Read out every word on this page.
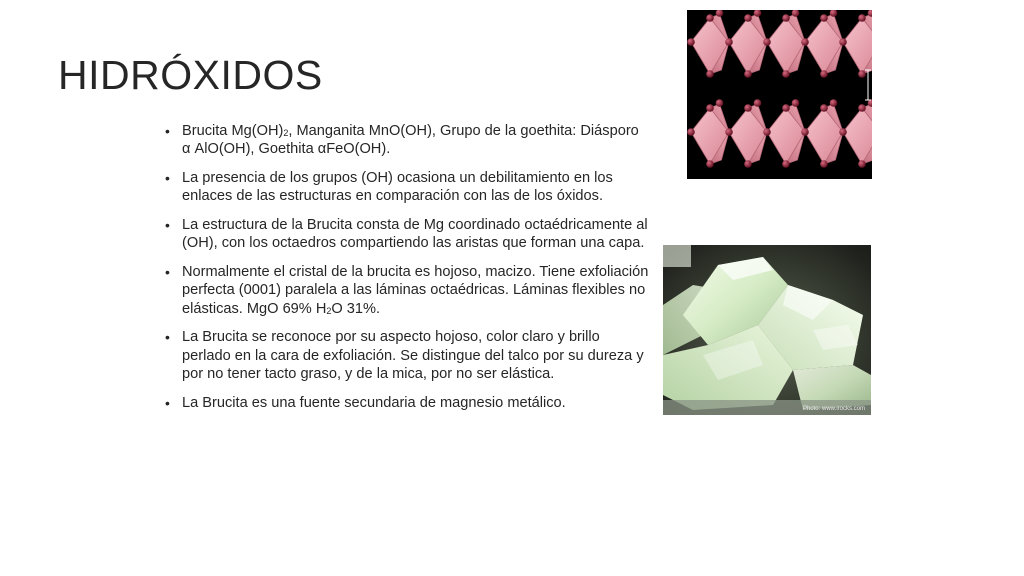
HIDRÓXIDOS
• Brucita Mg(OH)2, Manganita MnO(OH), Grupo de la goethita: Diásporo α AlO(OH), Goethita αFeO(OH).
• La presencia de los grupos (OH) ocasiona un debilitamiento en los enlaces de las estructuras en comparación con las de los óxidos.
• La estructura de la Brucita consta de Mg coordinado octaédricamente al (OH), con los octaedros compartiendo las aristas que forman una capa.
• Normalmente el cristal de la brucita es hojoso, macizo. Tiene exfoliación perfecta (0001) paralela a las láminas octaédricas. Láminas flexibles no elásticas. MgO 69% H2O 31%.
• La Brucita se reconoce por su aspecto hojoso, color claro y brillo perlado en la cara de exfoliación. Se distingue del talco por su dureza y por no tener tacto graso, y de la mica, por no ser elástica.
• La Brucita es una fuente secundaria de magnesio metálico.	Photo: www.irocks.com
